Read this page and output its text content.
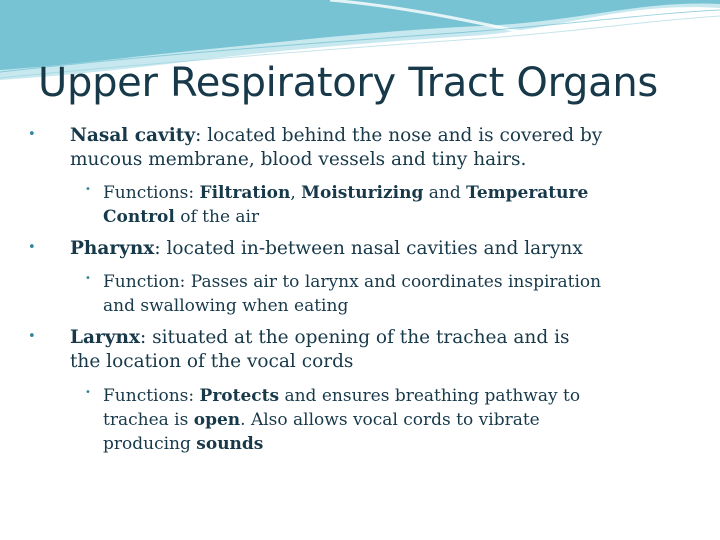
Upper Respiratory Tract Organs
• Nasal cavity: located behind the nose and is covered by
mucous membrane, blood vessels and tiny hairs.
• Functions: Filtration, Moisturizing and Temperature
Control of the air
• Pharynx: located in-between nasal cavities and larynx
• Function: Passes air to larynx and coordinates inspiration
and swallowing when eating
• Larynx: situated at the opening of the trachea and is
the location of the vocal cords
• Functions: Protects and ensures breathing pathway to
trachea is open. Also allows vocal cords to vibrate
producing sounds
